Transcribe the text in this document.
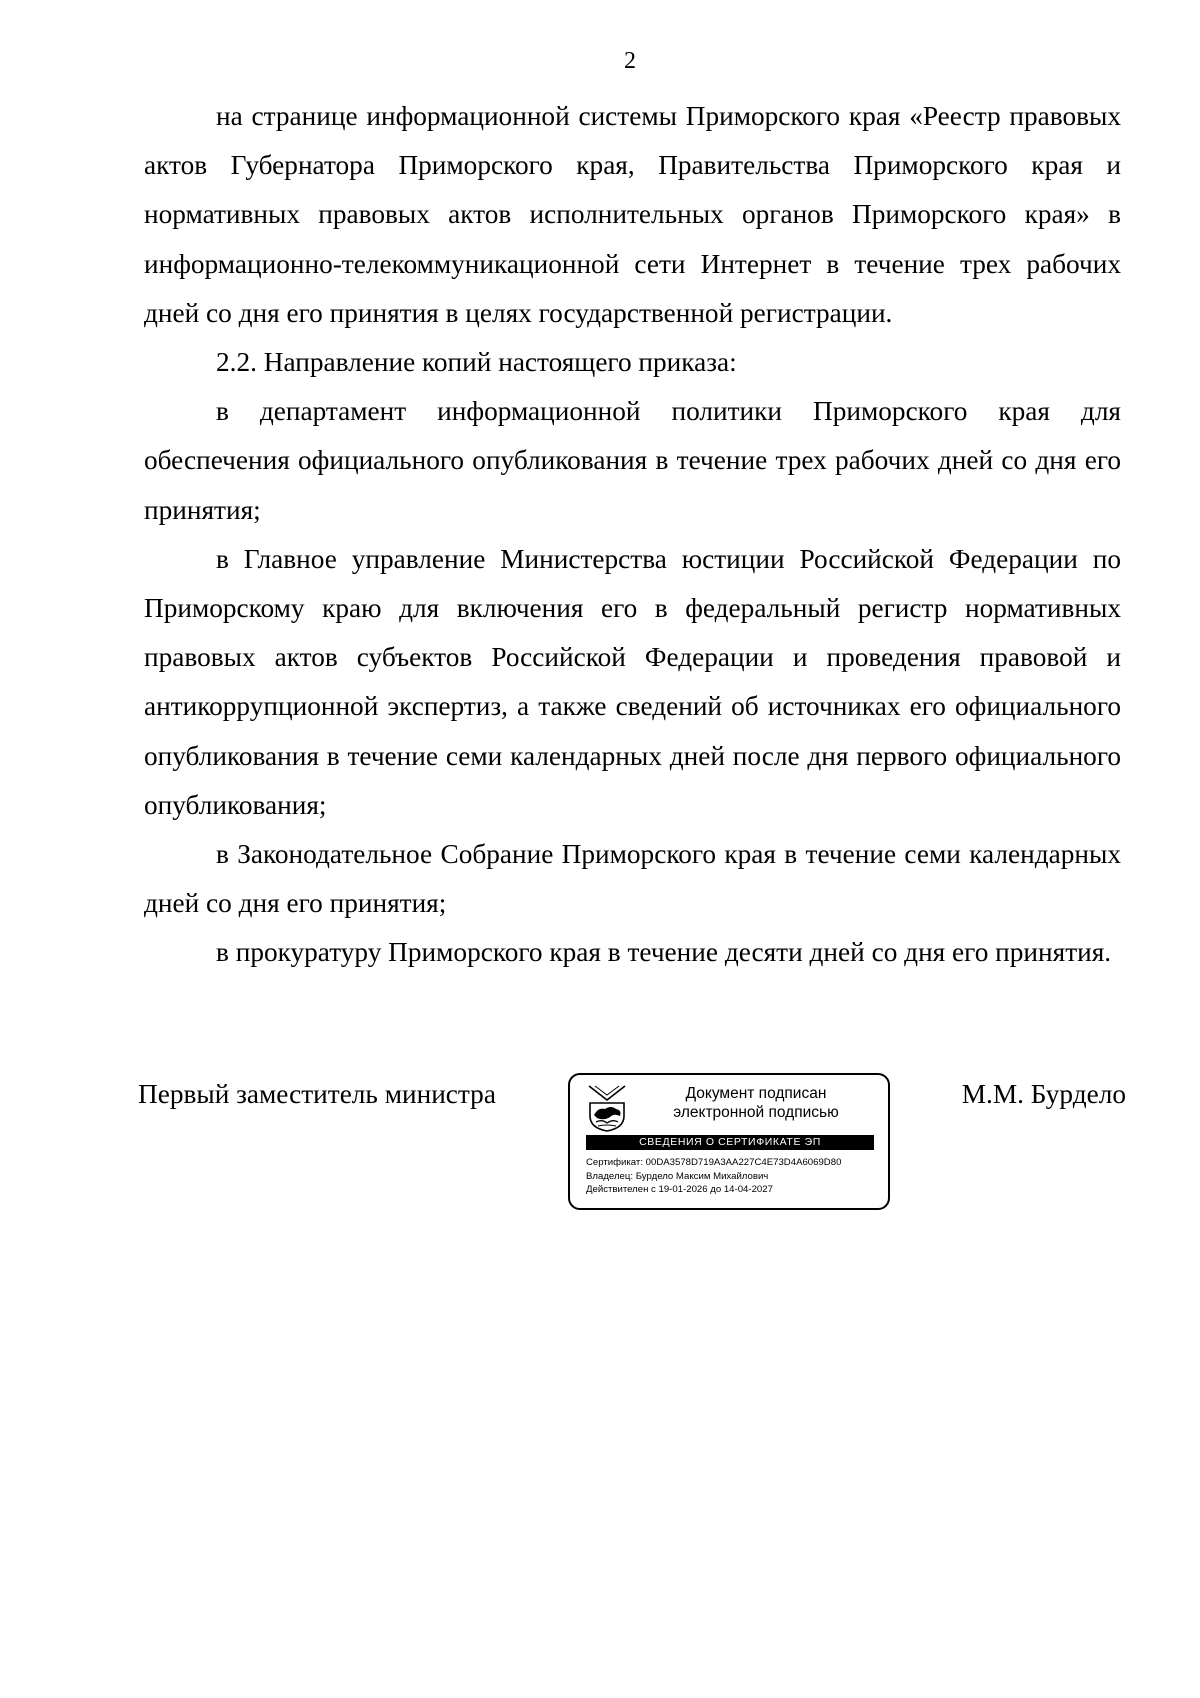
2

на странице информационной системы Приморского края «Реестр правовых актов Губернатора Приморского края, Правительства Приморского края и нормативных правовых актов исполнительных органов Приморского края» в информационно-телекоммуникационной сети Интернет в течение трех рабочих дней со дня его принятия в целях государственной регистрации.

2.2. Направление копий настоящего приказа:

в департамент информационной политики Приморского края для обеспечения официального опубликования в течение трех рабочих дней со дня его принятия;

в Главное управление Министерства юстиции Российской Федерации по Приморскому краю для включения его в федеральный регистр нормативных правовых актов субъектов Российской Федерации и проведения правовой и антикоррупционной экспертиз, а также сведений об источниках его официального опубликования в течение семи календарных дней после дня первого официального опубликования;

в Законодательное Собрание Приморского края в течение семи календарных дней со дня его принятия;

в прокуратуру Приморского края в течение десяти дней со дня его принятия.

Первый заместитель министра	М.М. Бурдело
Документ подписан
электронной подписью
СВЕДЕНИЯ О СЕРТИФИКАТЕ ЭП
Сертификат: 00DA3578D719A3AA227C4E73D4A6069D80
Владелец: Бурдело Максим Михайлович
Действителен с 19-01-2026 до 14-04-2027
